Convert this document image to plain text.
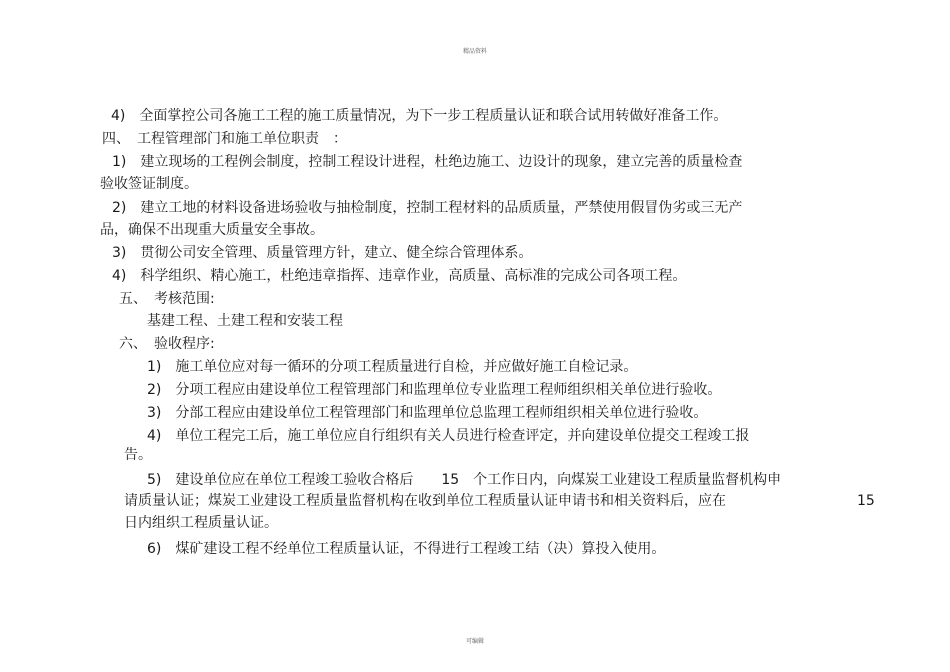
精品资料
4)　全面掌控公司各施工工程的施工质量情况，为下一步工程质量认证和联合试用转做好准备工作。
四、　工程管理部门和施工单位职责　：
1)　建立现场的工程例会制度，控制工程设计进程，杜绝边施工、边设计的现象，建立完善的质量检查
验收签证制度。
2)　建立工地的材料设备进场验收与抽检制度，控制工程材料的品质质量，严禁使用假冒伪劣或三无产
品，确保不出现重大质量安全事故。
3)　贯彻公司安全管理、质量管理方针，建立、健全综合管理体系。
4)　科学组织、精心施工，杜绝违章指挥、违章作业，高质量、高标准的完成公司各项工程。
五、　考核范围:
基建工程、土建工程和安装工程
六、　验收程序:
1)　施工单位应对每一循环的分项工程质量进行自检，并应做好施工自检记录。
2)　分项工程应由建设单位工程管理部门和监理单位专业监理工程师组织相关单位进行验收。
3)　分部工程应由建设单位工程管理部门和监理单位总监理工程师组织相关单位进行验收。
4)　单位工程完工后，施工单位应自行组织有关人员进行检查评定，并向建设单位提交工程竣工报
告。
5)　建设单位应在单位工程竣工验收合格后　　15　个工作日内，向煤炭工业建设工程质量监督机构申
请质量认证；煤炭工业建设工程质量监督机构在收到单位工程质量认证申请书和相关资料后，应在	15
日内组织工程质量认证。
6)　煤矿建设工程不经单位工程质量认证，不得进行工程竣工结（决）算投入使用。
可编辑
